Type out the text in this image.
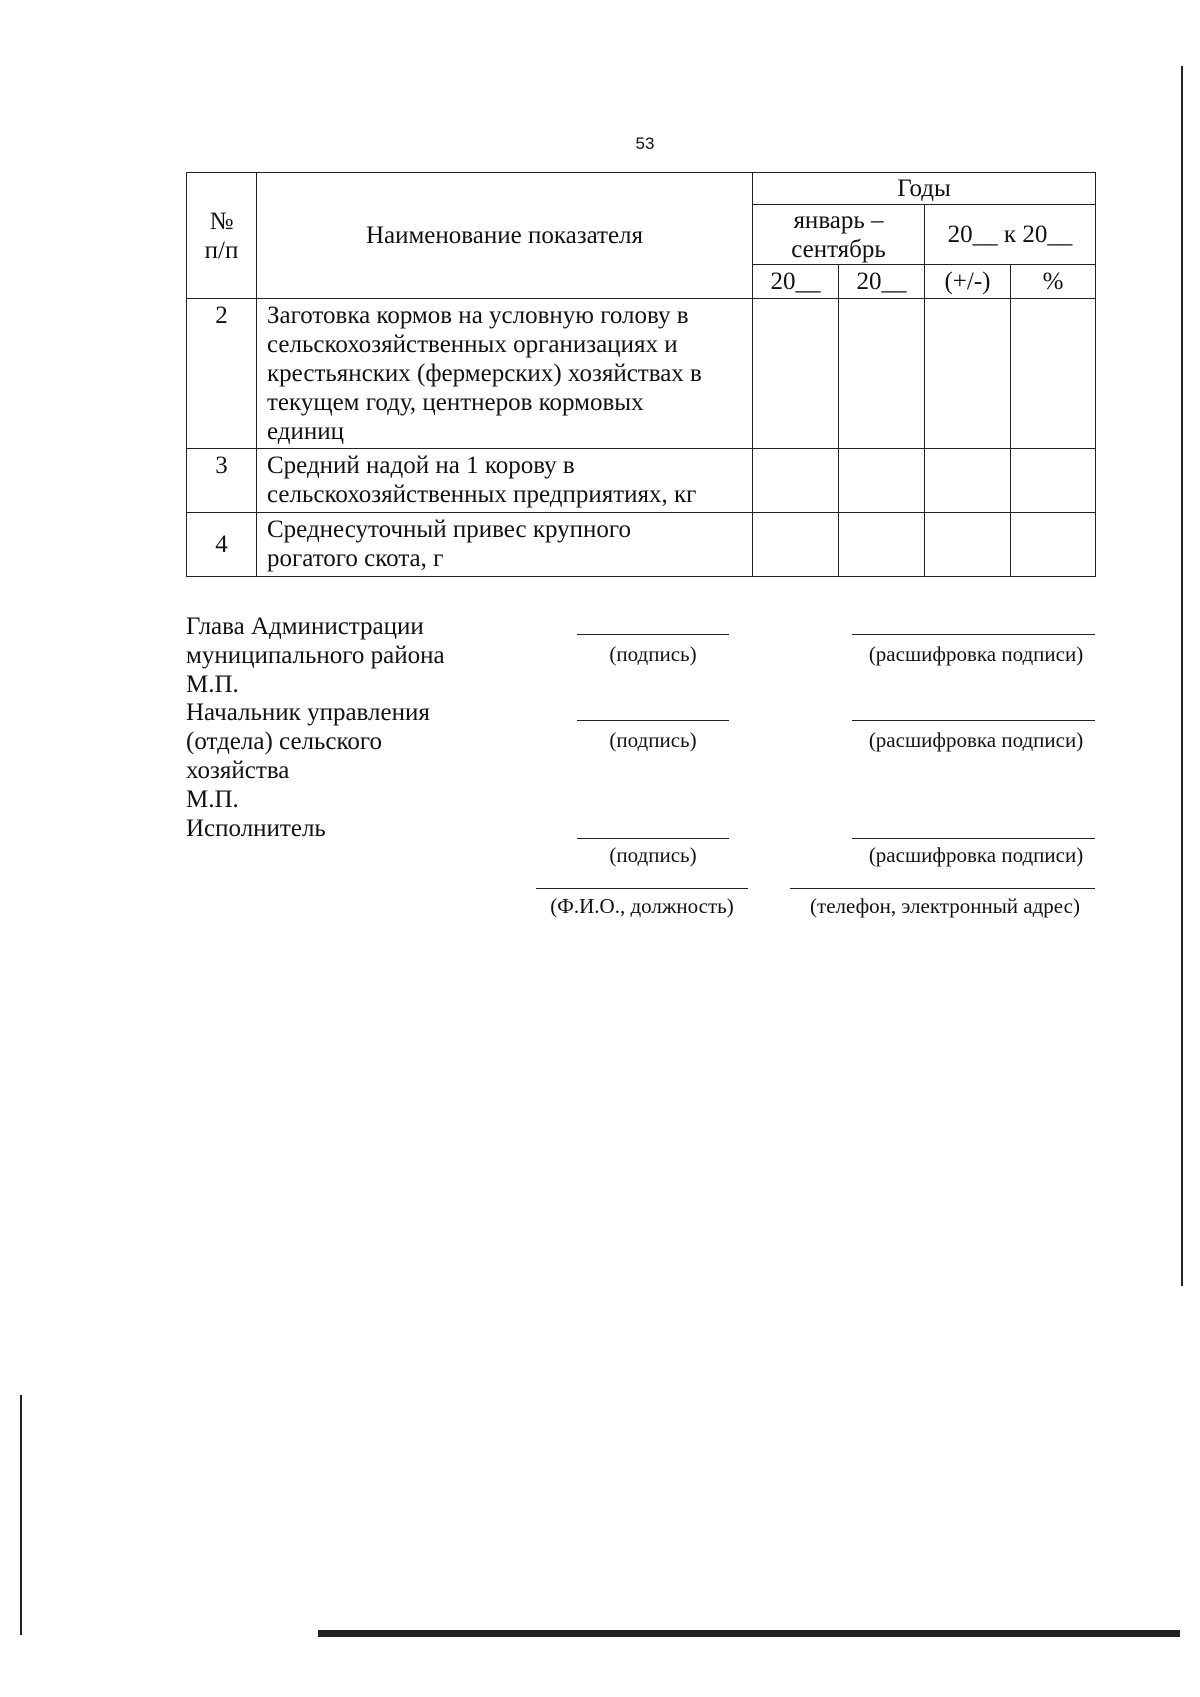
53
№ п/п	Наименование показателя	Годы			

		январь – сентябрь		20__ к 20__	
		20__	20__	(+/-)	%
2	Заготовка кормов на условную голову в сельскохозяйственных организациях и крестьянских (фермерских) хозяйствах в текущем году, центнеров кормовых единиц				

3	Средний надой на 1 корову в сельскохозяйственных предприятиях, кг				
4	Среднесуточный привес крупного рогатого скота, г				

Глава Администрации муниципального района
М.П.
(подпись)	(расшифровка подписи)
Начальник управления (отдела) сельского хозяйства
М.П.
(подпись)	(расшифровка подписи)
Исполнитель
(подпись)	(расшифровка подписи)
(Ф.И.О., должность)	(телефон, электронный адрес)
